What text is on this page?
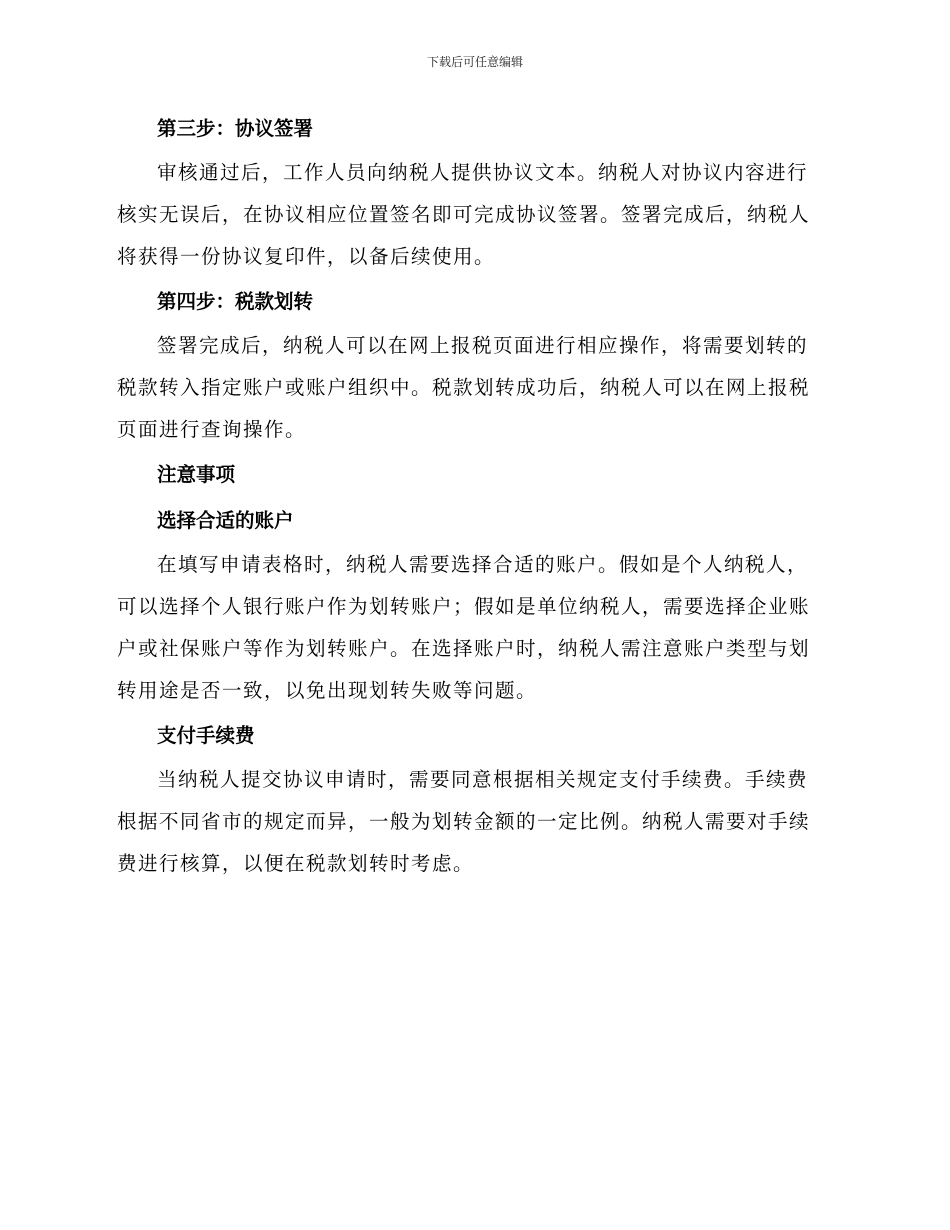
下载后可任意编辑
第三步：协议签署
审核通过后，工作人员向纳税人提供协议文本。纳税人对协议内容进行
核实无误后，在协议相应位置签名即可完成协议签署。签署完成后，纳税人
将获得一份协议复印件，以备后续使用。
第四步：税款划转
签署完成后，纳税人可以在网上报税页面进行相应操作，将需要划转的
税款转入指定账户或账户组织中。税款划转成功后，纳税人可以在网上报税
页面进行查询操作。
注意事项
选择合适的账户
在填写申请表格时，纳税人需要选择合适的账户。假如是个人纳税人，
可以选择个人银行账户作为划转账户；假如是单位纳税人，需要选择企业账
户或社保账户等作为划转账户。在选择账户时，纳税人需注意账户类型与划
转用途是否一致，以免出现划转失败等问题。
支付手续费
当纳税人提交协议申请时，需要同意根据相关规定支付手续费。手续费
根据不同省市的规定而异，一般为划转金额的一定比例。纳税人需要对手续
费进行核算，以便在税款划转时考虑。
